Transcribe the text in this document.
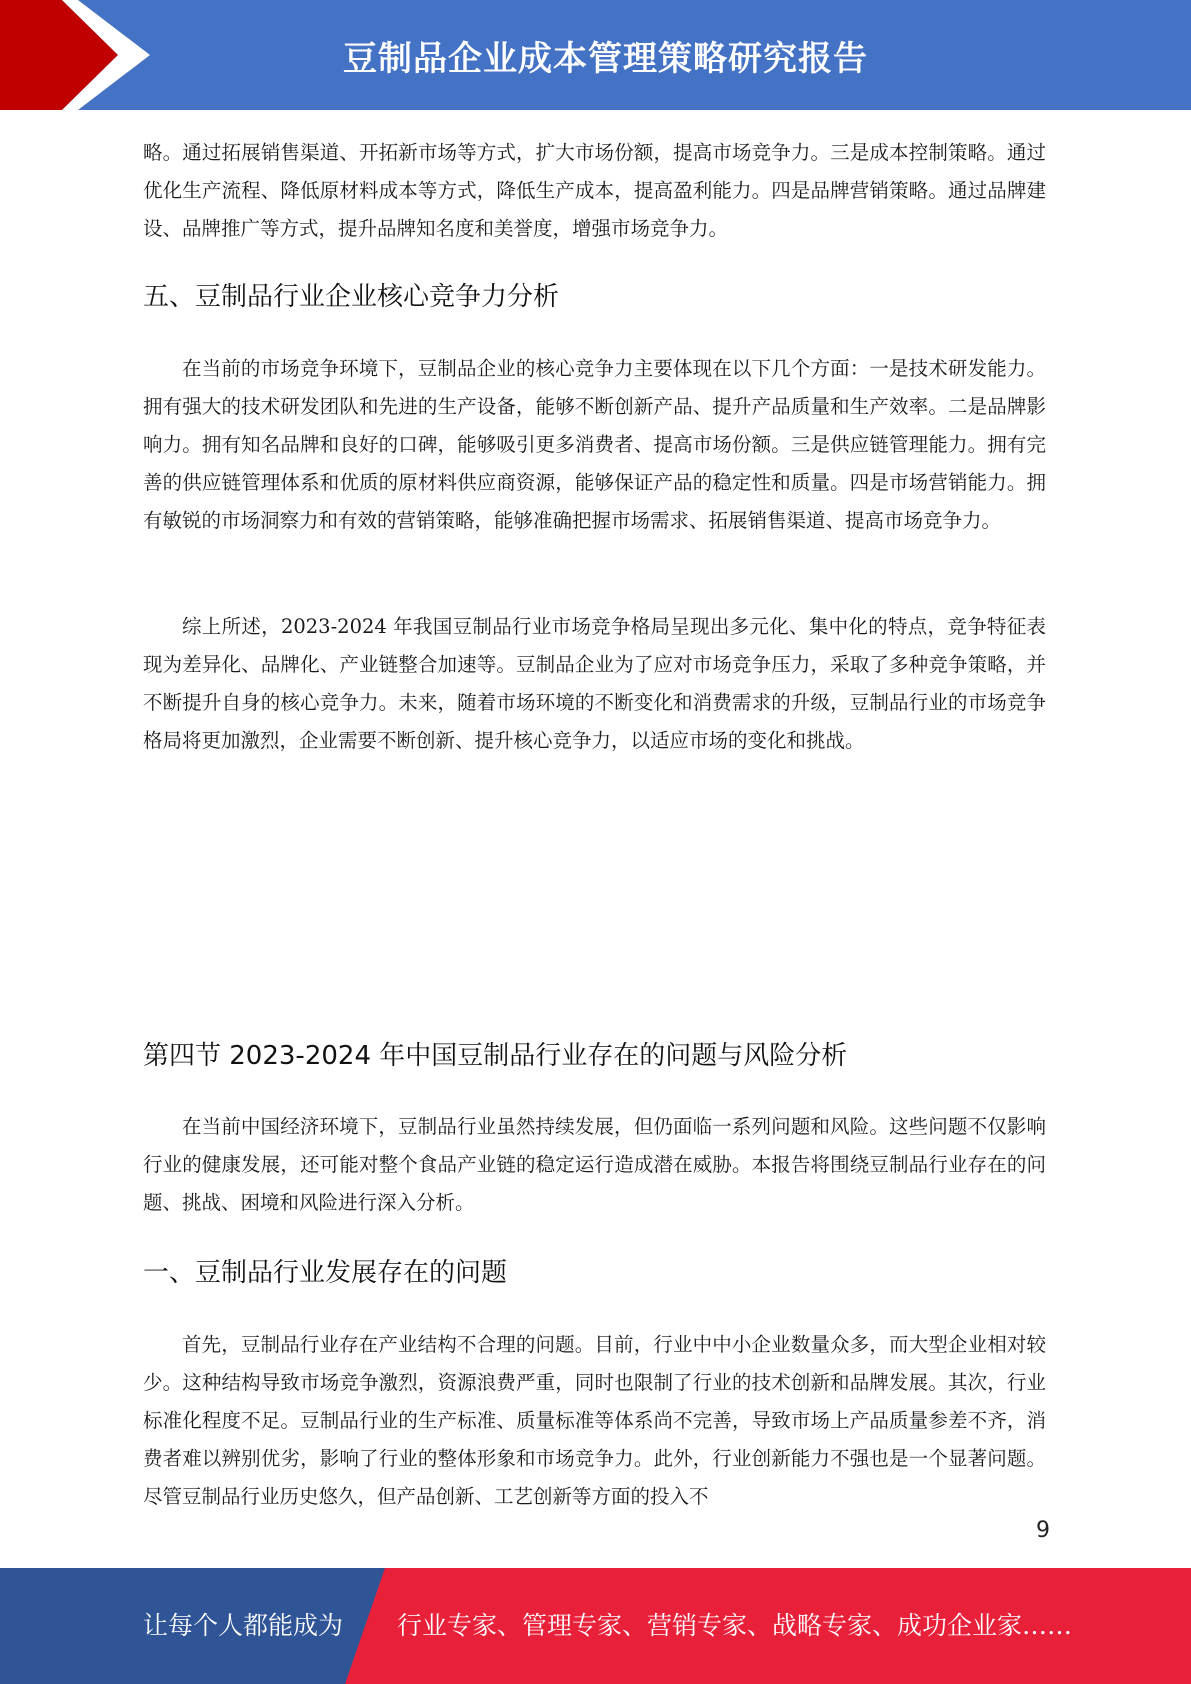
豆制品企业成本管理策略研究报告

略。通过拓展销售渠道、开拓新市场等方式，扩大市场份额，提高市场竞争力。三是成本控制策略。通过优化生产流程、降低原材料成本等方式，降低生产成本，提高盈利能力。四是品牌营销策略。通过品牌建设、品牌推广等方式，提升品牌知名度和美誉度，增强市场竞争力。

五、豆制品行业企业核心竞争力分析

在当前的市场竞争环境下，豆制品企业的核心竞争力主要体现在以下几个方面：一是技术研发能力。拥有强大的技术研发团队和先进的生产设备，能够不断创新产品、提升产品质量和生产效率。二是品牌影响力。拥有知名品牌和良好的口碑，能够吸引更多消费者、提高市场份额。三是供应链管理能力。拥有完善的供应链管理体系和优质的原材料供应商资源，能够保证产品的稳定性和质量。四是市场营销能力。拥有敏锐的市场洞察力和有效的营销策略，能够准确把握市场需求、拓展销售渠道、提高市场竞争力。

综上所述，2023-2024 年我国豆制品行业市场竞争格局呈现出多元化、集中化的特点，竞争特征表现为差异化、品牌化、产业链整合加速等。豆制品企业为了应对市场竞争压力，采取了多种竞争策略，并不断提升自身的核心竞争力。未来，随着市场环境的不断变化和消费需求的升级，豆制品行业的市场竞争格局将更加激烈，企业需要不断创新、提升核心竞争力，以适应市场的变化和挑战。

第四节 2023-2024 年中国豆制品行业存在的问题与风险分析

在当前中国经济环境下，豆制品行业虽然持续发展，但仍面临一系列问题和风险。这些问题不仅影响行业的健康发展，还可能对整个食品产业链的稳定运行造成潜在威胁。本报告将围绕豆制品行业存在的问题、挑战、困境和风险进行深入分析。

一、豆制品行业发展存在的问题

首先，豆制品行业存在产业结构不合理的问题。目前，行业中中小企业数量众多，而大型企业相对较少。这种结构导致市场竞争激烈，资源浪费严重，同时也限制了行业的技术创新和品牌发展。其次，行业标准化程度不足。豆制品行业的生产标准、质量标准等体系尚不完善，导致市场上产品质量参差不齐，消费者难以辨别优劣，影响了行业的整体形象和市场竞争力。此外，行业创新能力不强也是一个显著问题。尽管豆制品行业历史悠久，但产品创新、工艺创新等方面的投入不

9
让每个人都能成为 行业专家、管理专家、营销专家、战略专家、成功企业家……
